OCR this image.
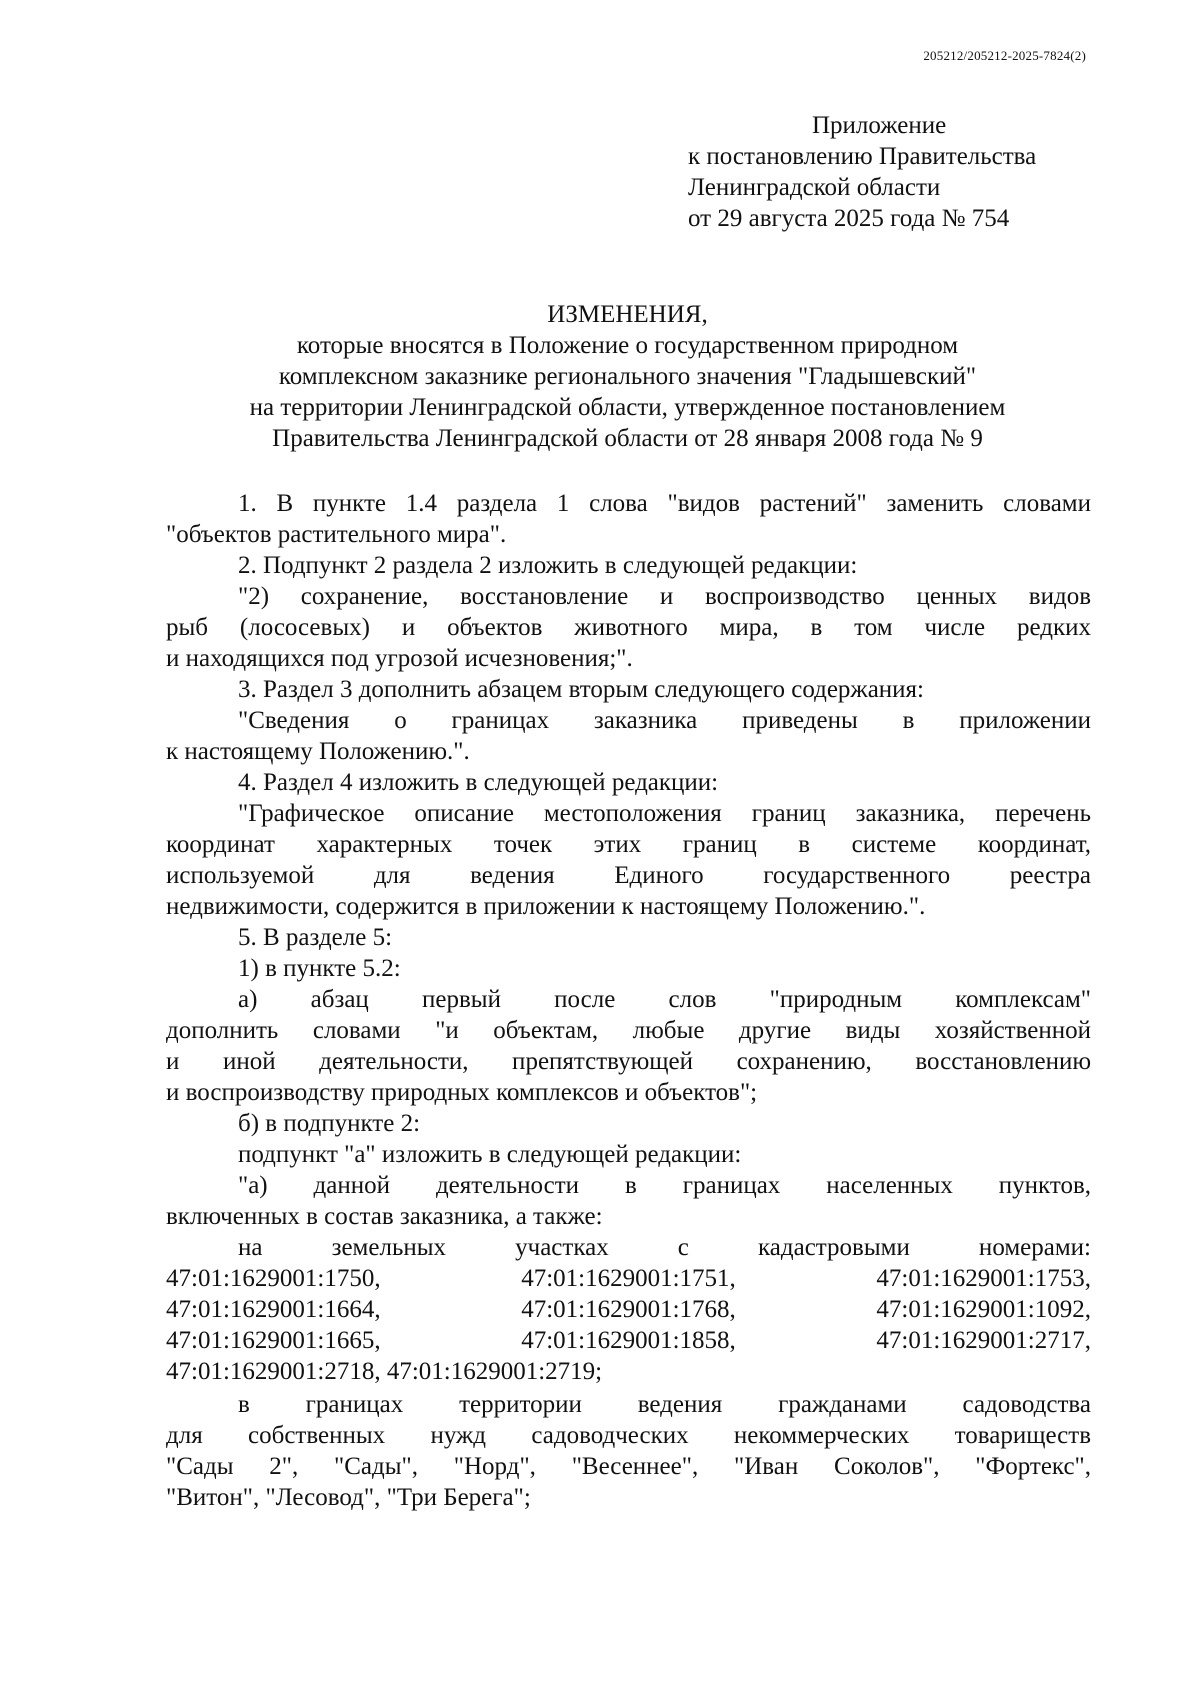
205212/205212-2025-7824(2)
Приложение
к постановлению Правительства
Ленинградской области
от 29 августа 2025 года № 754
ИЗМЕНЕНИЯ,
которые вносятся в Положение о государственном природном
комплексном заказнике регионального значения "Гладышевский"
на территории Ленинградской области, утвержденное постановлением
Правительства Ленинградской области от 28 января 2008 года № 9

1. В пункте 1.4 раздела 1 слова "видов растений" заменить словами

"объектов растительного мира".

2. Подпункт 2 раздела 2 изложить в следующей редакции:

"2) сохранение, восстановление и воспроизводство ценных видов

рыб (лососевых) и объектов животного мира, в том числе редких

и находящихся под угрозой исчезновения;".

3. Раздел 3 дополнить абзацем вторым следующего содержания:

"Сведения о границах заказника приведены в приложении

к настоящему Положению.".

4. Раздел 4 изложить в следующей редакции:

"Графическое описание местоположения границ заказника, перечень

координат характерных точек этих границ в системе координат,

используемой для ведения Единого государственного реестра

недвижимости, содержится в приложении к настоящему Положению.".

5. В разделе 5:

1) в пункте 5.2:

а) абзац первый после слов "природным комплексам"

дополнить словами "и объектам, любые другие виды хозяйственной

и иной деятельности, препятствующей сохранению, восстановлению

и воспроизводству природных комплексов и объектов";

б) в подпункте 2:

подпункт "а" изложить в следующей редакции:

"а) данной деятельности в границах населенных пунктов,

включенных в состав заказника, а также:

на земельных участках с кадастровыми номерами:

47:01:1629001:1750, 47:01:1629001:1751, 47:01:1629001:1753,

47:01:1629001:1664, 47:01:1629001:1768, 47:01:1629001:1092,

47:01:1629001:1665, 47:01:1629001:1858, 47:01:1629001:2717,

47:01:1629001:2718, 47:01:1629001:2719;

в границах территории ведения гражданами садоводства

для собственных нужд садоводческих некоммерческих товариществ

"Сады 2", "Сады", "Норд", "Весеннее", "Иван Соколов", "Фортекс",

"Витон", "Лесовод", "Три Берега";
